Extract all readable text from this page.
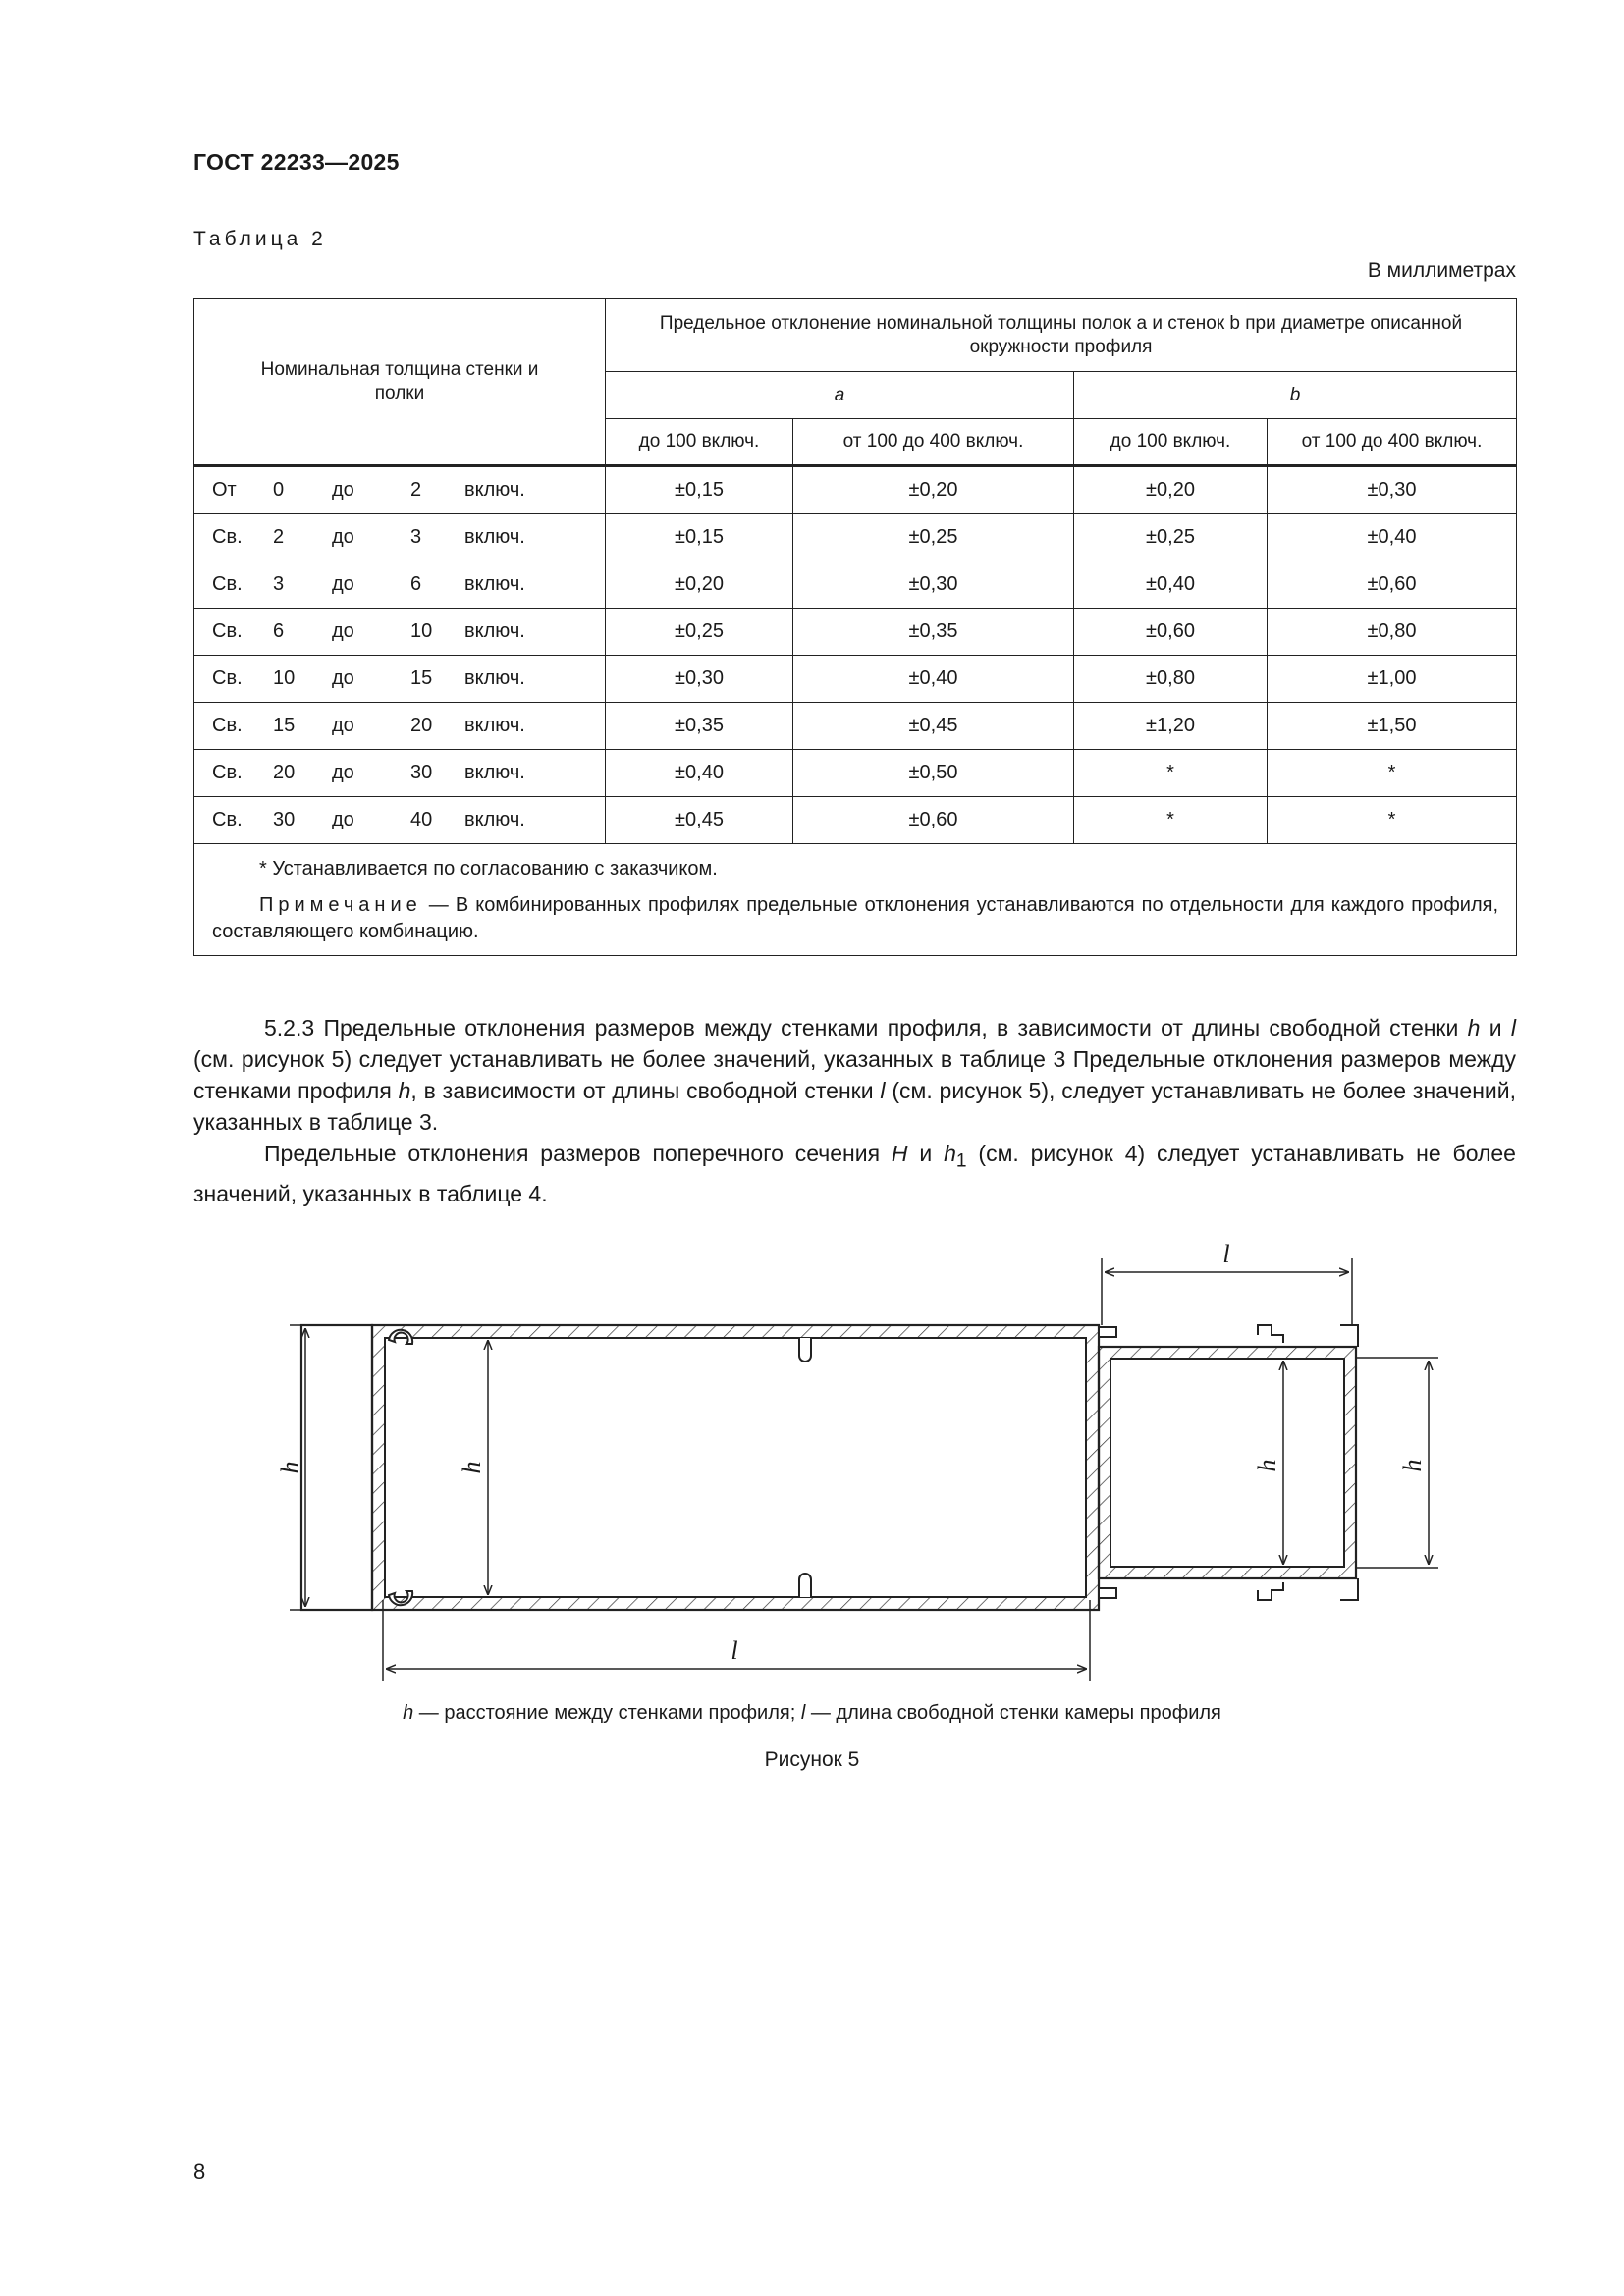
ГОСТ 22233—2025
Таблица 2
В миллиметрах
Номинальная толщина стенки и полки	Предельное отклонение номинальной толщины полок a и стенок b при диаметре описанной окружности профиля			

	a		b	
	до 100 включ.	от 100 до 400 включ.	до 100 включ.	от 100 до 400 включ.

От 0 до 2 включ.	±0,15	±0,20	±0,20	±0,30

Св. 2 до 3 включ.	±0,15	±0,25	±0,25	±0,40

Св. 3 до 6 включ.	±0,20	±0,30	±0,40	±0,60

Св. 6 до 10 включ.	±0,25	±0,35	±0,60	±0,80

Св. 10 до 15 включ.	±0,30	±0,40	±0,80	±1,00

Св. 15 до 20 включ.	±0,35	±0,45	±1,20	±1,50

Св. 20 до 30 включ.	±0,40	±0,50	*	*

Св. 30 до 40 включ.	±0,45	±0,60	*	*

* Устанавливается по согласованию с заказчиком.

Примечание — В комбинированных профилях предельные отклонения устанавливаются по отдельности для каждого профиля, составляющего комбинацию.				

5.2.3 Предельные отклонения размеров между стенками профиля, в зависимости от длины свободной стенки h и l (см. рисунок 5) следует устанавливать не более значений, указанных в таблице 3 Предельные отклонения размеров между стенками профиля h, в зависимости от длины свободной стенки l (см. рисунок 5), следует устанавливать не более значений, указанных в таблице 3.

Предельные отклонения размеров поперечного сечения H и $h_1$ (см. рисунок 4) следует устанавливать не более значений, указанных в таблице 4.

h	h	h	h
l
l
h — расстояние между стенками профиля; l — длина свободной стенки камеры профиля
Рисунок 5
8
